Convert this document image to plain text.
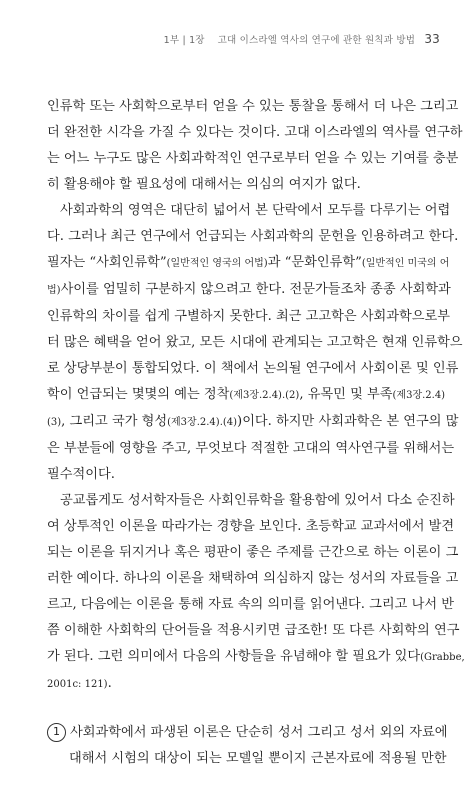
1부 | 1장 고대 이스라엘 역사의 연구에 관한 원칙과 방법 33

인류학 또는 사회학으로부터 얻을 수 있는 통찰을 통해서 더 나은 그리고
더 완전한 시각을 가질 수 있다는 것이다. 고대 이스라엘의 역사를 연구하
는 어느 누구도 많은 사회과학적인 연구로부터 얻을 수 있는 기여를 충분
히 활용해야 할 필요성에 대해서는 의심의 여지가 없다.

사회과학의 영역은 대단히 넓어서 본 단락에서 모두를 다루기는 어렵
다. 그러나 최근 연구에서 언급되는 사회과학의 문헌을 인용하려고 한다.
필자는 “사회인류학”(일반적인 영국의 어법)과 “문화인류학”(일반적인 미국의 어
법)사이를 엄밀히 구분하지 않으려고 한다. 전문가들조차 종종 사회학과
인류학의 차이를 쉽게 구별하지 못한다. 최근 고고학은 사회과학으로부
터 많은 혜택을 얻어 왔고, 모든 시대에 관계되는 고고학은 현재 인류학으
로 상당부분이 통합되었다. 이 책에서 논의될 연구에서 사회이론 및 인류
학이 언급되는 몇몇의 예는 정착(제3장.2.4).(2), 유목민 및 부족(제3장.2.4)
(3), 그리고 국가 형성(제3장.2.4).(4))이다. 하지만 사회과학은 본 연구의 많
은 부분들에 영향을 주고, 무엇보다 적절한 고대의 역사연구를 위해서는
필수적이다.

공교롭게도 성서학자들은 사회인류학을 활용함에 있어서 다소 순진하
여 상투적인 이론을 따라가는 경향을 보인다. 초등학교 교과서에서 발견
되는 이론을 뒤지거나 혹은 평판이 좋은 주제를 근간으로 하는 이론이 그
러한 예이다. 하나의 이론을 채택하여 의심하지 않는 성서의 자료들을 고
르고, 다음에는 이론을 통해 자료 속의 의미를 읽어낸다. 그리고 나서 반
쯤 이해한 사회학의 단어들을 적용시키면 급조한! 또 다른 사회학의 연구
가 된다. 그런 의미에서 다음의 사항들을 유념해야 할 필요가 있다(Grabbe,
2001c: 121).

1 사회과학에서 파생된 이론은 단순히 성서 그리고 성서 외의 자료에
대해서 시험의 대상이 되는 모델일 뿐이지 근본자료에 적용될 만한
